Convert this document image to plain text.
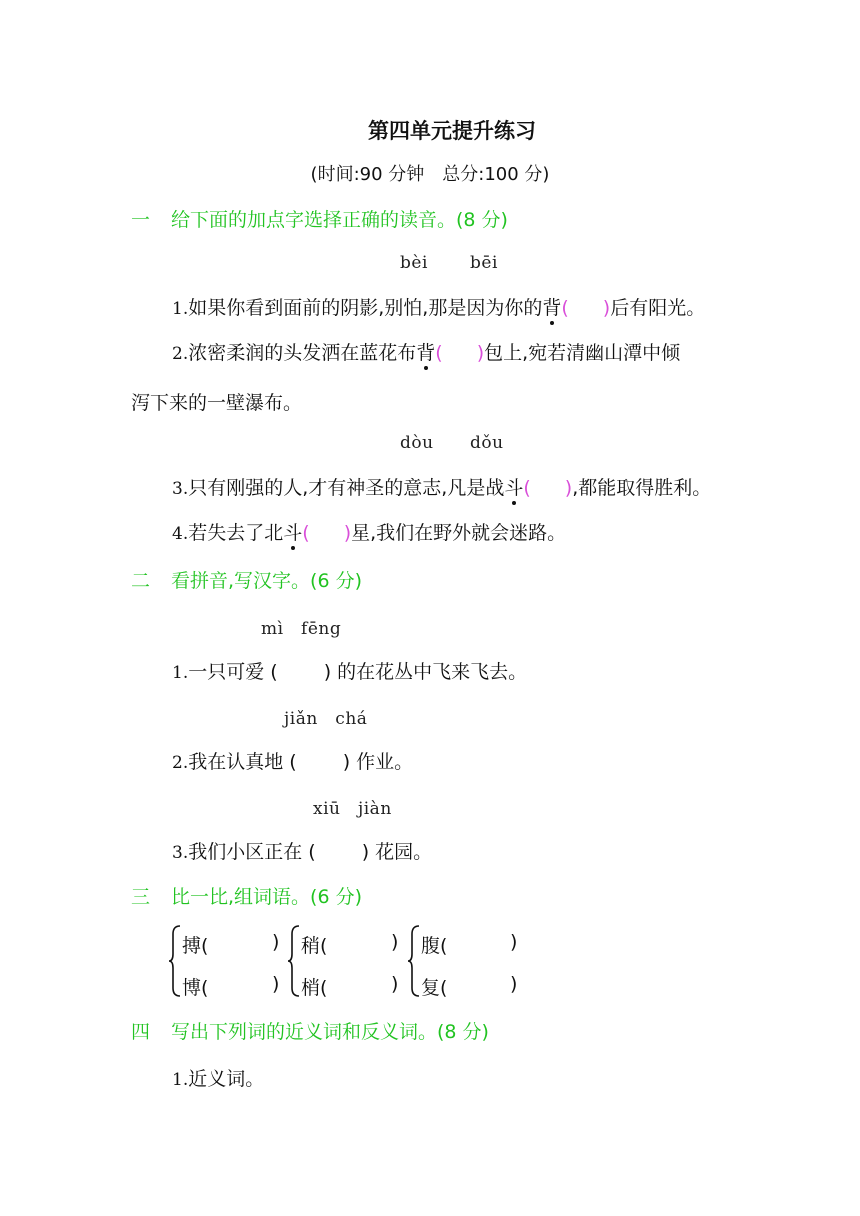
第四单元提升练习
(时间:90 分钟　总分:100 分)
一 给下面的加点字选择正确的读音。(8 分)
bèi bēi
1.如果你看到面前的阴影,别怕,那是因为你的背( )后有阳光。
2.浓密柔润的头发洒在蓝花布背( )包上,宛若清幽山潭中倾
泻下来的一壁瀑布。
dòu dǒu
3.只有刚强的人,才有神圣的意志,凡是战斗( ),都能取得胜利。
4.若失去了北斗( )星,我们在野外就会迷路。
二 看拼音,写汉字。(6 分)
mì　fēng
1.一只可爱 ( ) 的在花丛中飞来飞去。
jiǎn　chá
2.我在认真地 ( ) 作业。
xiū　jiàn
3.我们小区正在 ( ) 花园。
三 比一比,组词语。(6 分)
搏(	)
博(	)
稍(	)
梢(	)
腹(	)
复(	)
四 写出下列词的近义词和反义词。(8 分)
1.近义词。
